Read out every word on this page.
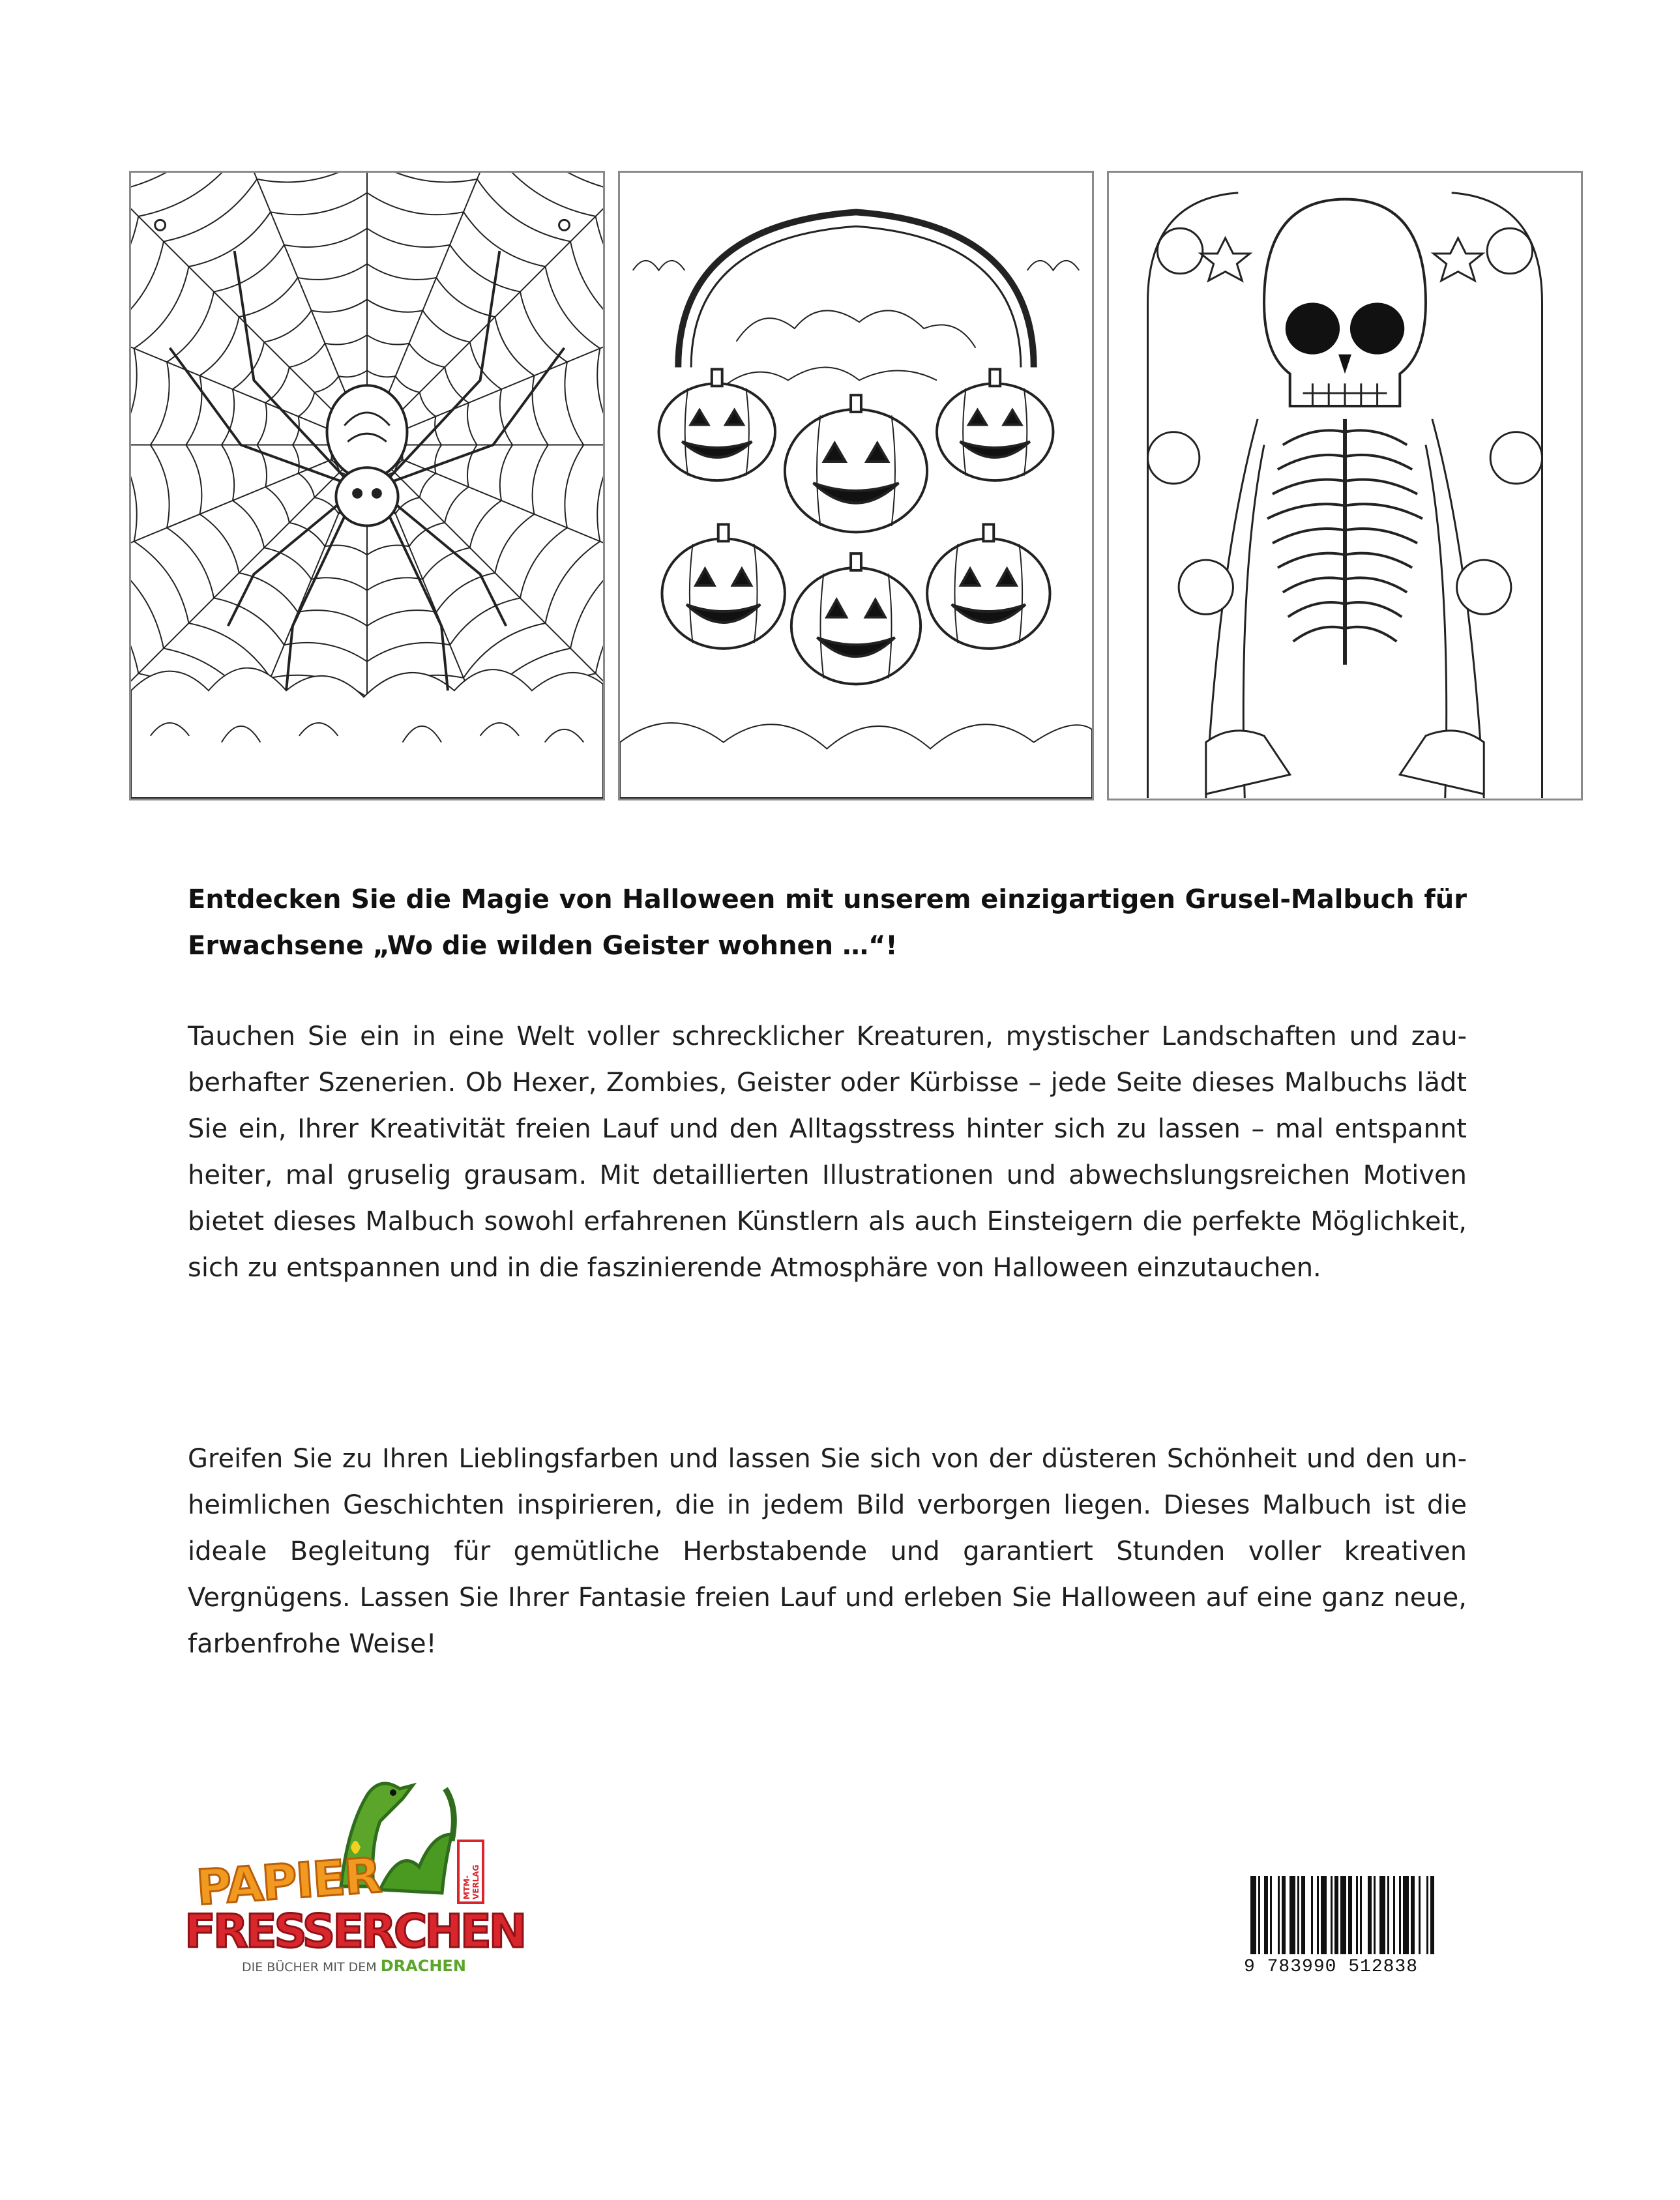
Entdecken Sie die Magie von Halloween mit unserem einzigartigen Grusel-Malbuch für Erwachsene „Wo die wilden Geister wohnen …“!

Tauchen Sie ein in eine Welt voller schrecklicher Kreaturen, mystischer Landschaften und zauberhafter Szenerien. Ob Hexer, Zombies, Geister oder Kürbisse – jede Seite dieses Malbuchs lädt Sie ein, Ihrer Kreativität freien Lauf und den Alltagsstress hinter sich zu lassen – mal entspannt heiter, mal gruselig grausam. Mit detaillierten Illustrationen und abwechslungsreichen Motiven bietet dieses Malbuch sowohl erfahrenen Künstlern als auch Einsteigern die perfekte Möglichkeit, sich zu entspannen und in die faszinierende Atmosphäre von Halloween einzutauchen.

Greifen Sie zu Ihren Lieblingsfarben und lassen Sie sich von der düsteren Schönheit und den unheimlichen Geschichten inspirieren, die in jedem Bild verborgen liegen. Dieses Malbuch ist die ideale Begleitung für gemütliche Herbstabende und garantiert Stunden voller kreativen Vergnügens. Lassen Sie Ihrer Fantasie freien Lauf und erleben Sie Halloween auf eine ganz neue, farbenfrohe Weise!

MTM-VERLAG
PAPIER
FRESSERCHEN
DIE BÜCHER MIT DEM DRACHEN	9 783990 512838
